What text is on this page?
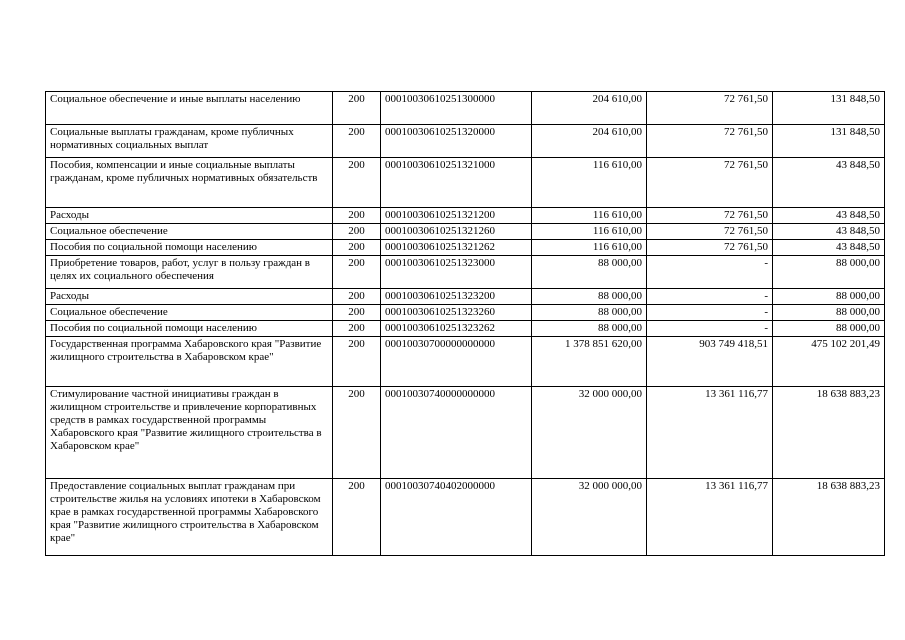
Социальное обеспечение и иные выплаты населению	200	00010030610251300000	204 610,00	72 761,50	131 848,50
Социальные выплаты гражданам, кроме публичных нормативных социальных выплат	200	00010030610251320000	204 610,00	72 761,50	131 848,50
Пособия, компенсации и иные социальные выплаты гражданам, кроме публичных нормативных обязательств	200	00010030610251321000	116 610,00	72 761,50	43 848,50
Расходы	200	00010030610251321200	116 610,00	72 761,50	43 848,50
Социальное обеспечение	200	00010030610251321260	116 610,00	72 761,50	43 848,50
Пособия по социальной помощи населению	200	00010030610251321262	116 610,00	72 761,50	43 848,50
Приобретение товаров, работ, услуг в пользу граждан в целях их социального обеспечения	200	00010030610251323000	88 000,00	-	88 000,00
Расходы	200	00010030610251323200	88 000,00	-	88 000,00
Социальное обеспечение	200	00010030610251323260	88 000,00	-	88 000,00
Пособия по социальной помощи населению	200	00010030610251323262	88 000,00	-	88 000,00
Государственная программа Хабаровского края "Развитие жилищного строительства в Хабаровском крае"	200	00010030700000000000	1 378 851 620,00	903 749 418,51	475 102 201,49
Стимулирование частной инициативы граждан в жилищном строительстве и привлечение корпоративных средств в рамках государственной программы Хабаровского края "Развитие жилищного строительства в Хабаровском крае"	200	00010030740000000000	32 000 000,00	13 361 116,77	18 638 883,23
Предоставление социальных выплат гражданам при строительстве жилья на условиях ипотеки в Хабаровском крае в рамках государственной программы Хабаровского края "Развитие жилищного строительства в Хабаровском крае"	200	00010030740402000000	32 000 000,00	13 361 116,77	18 638 883,23
